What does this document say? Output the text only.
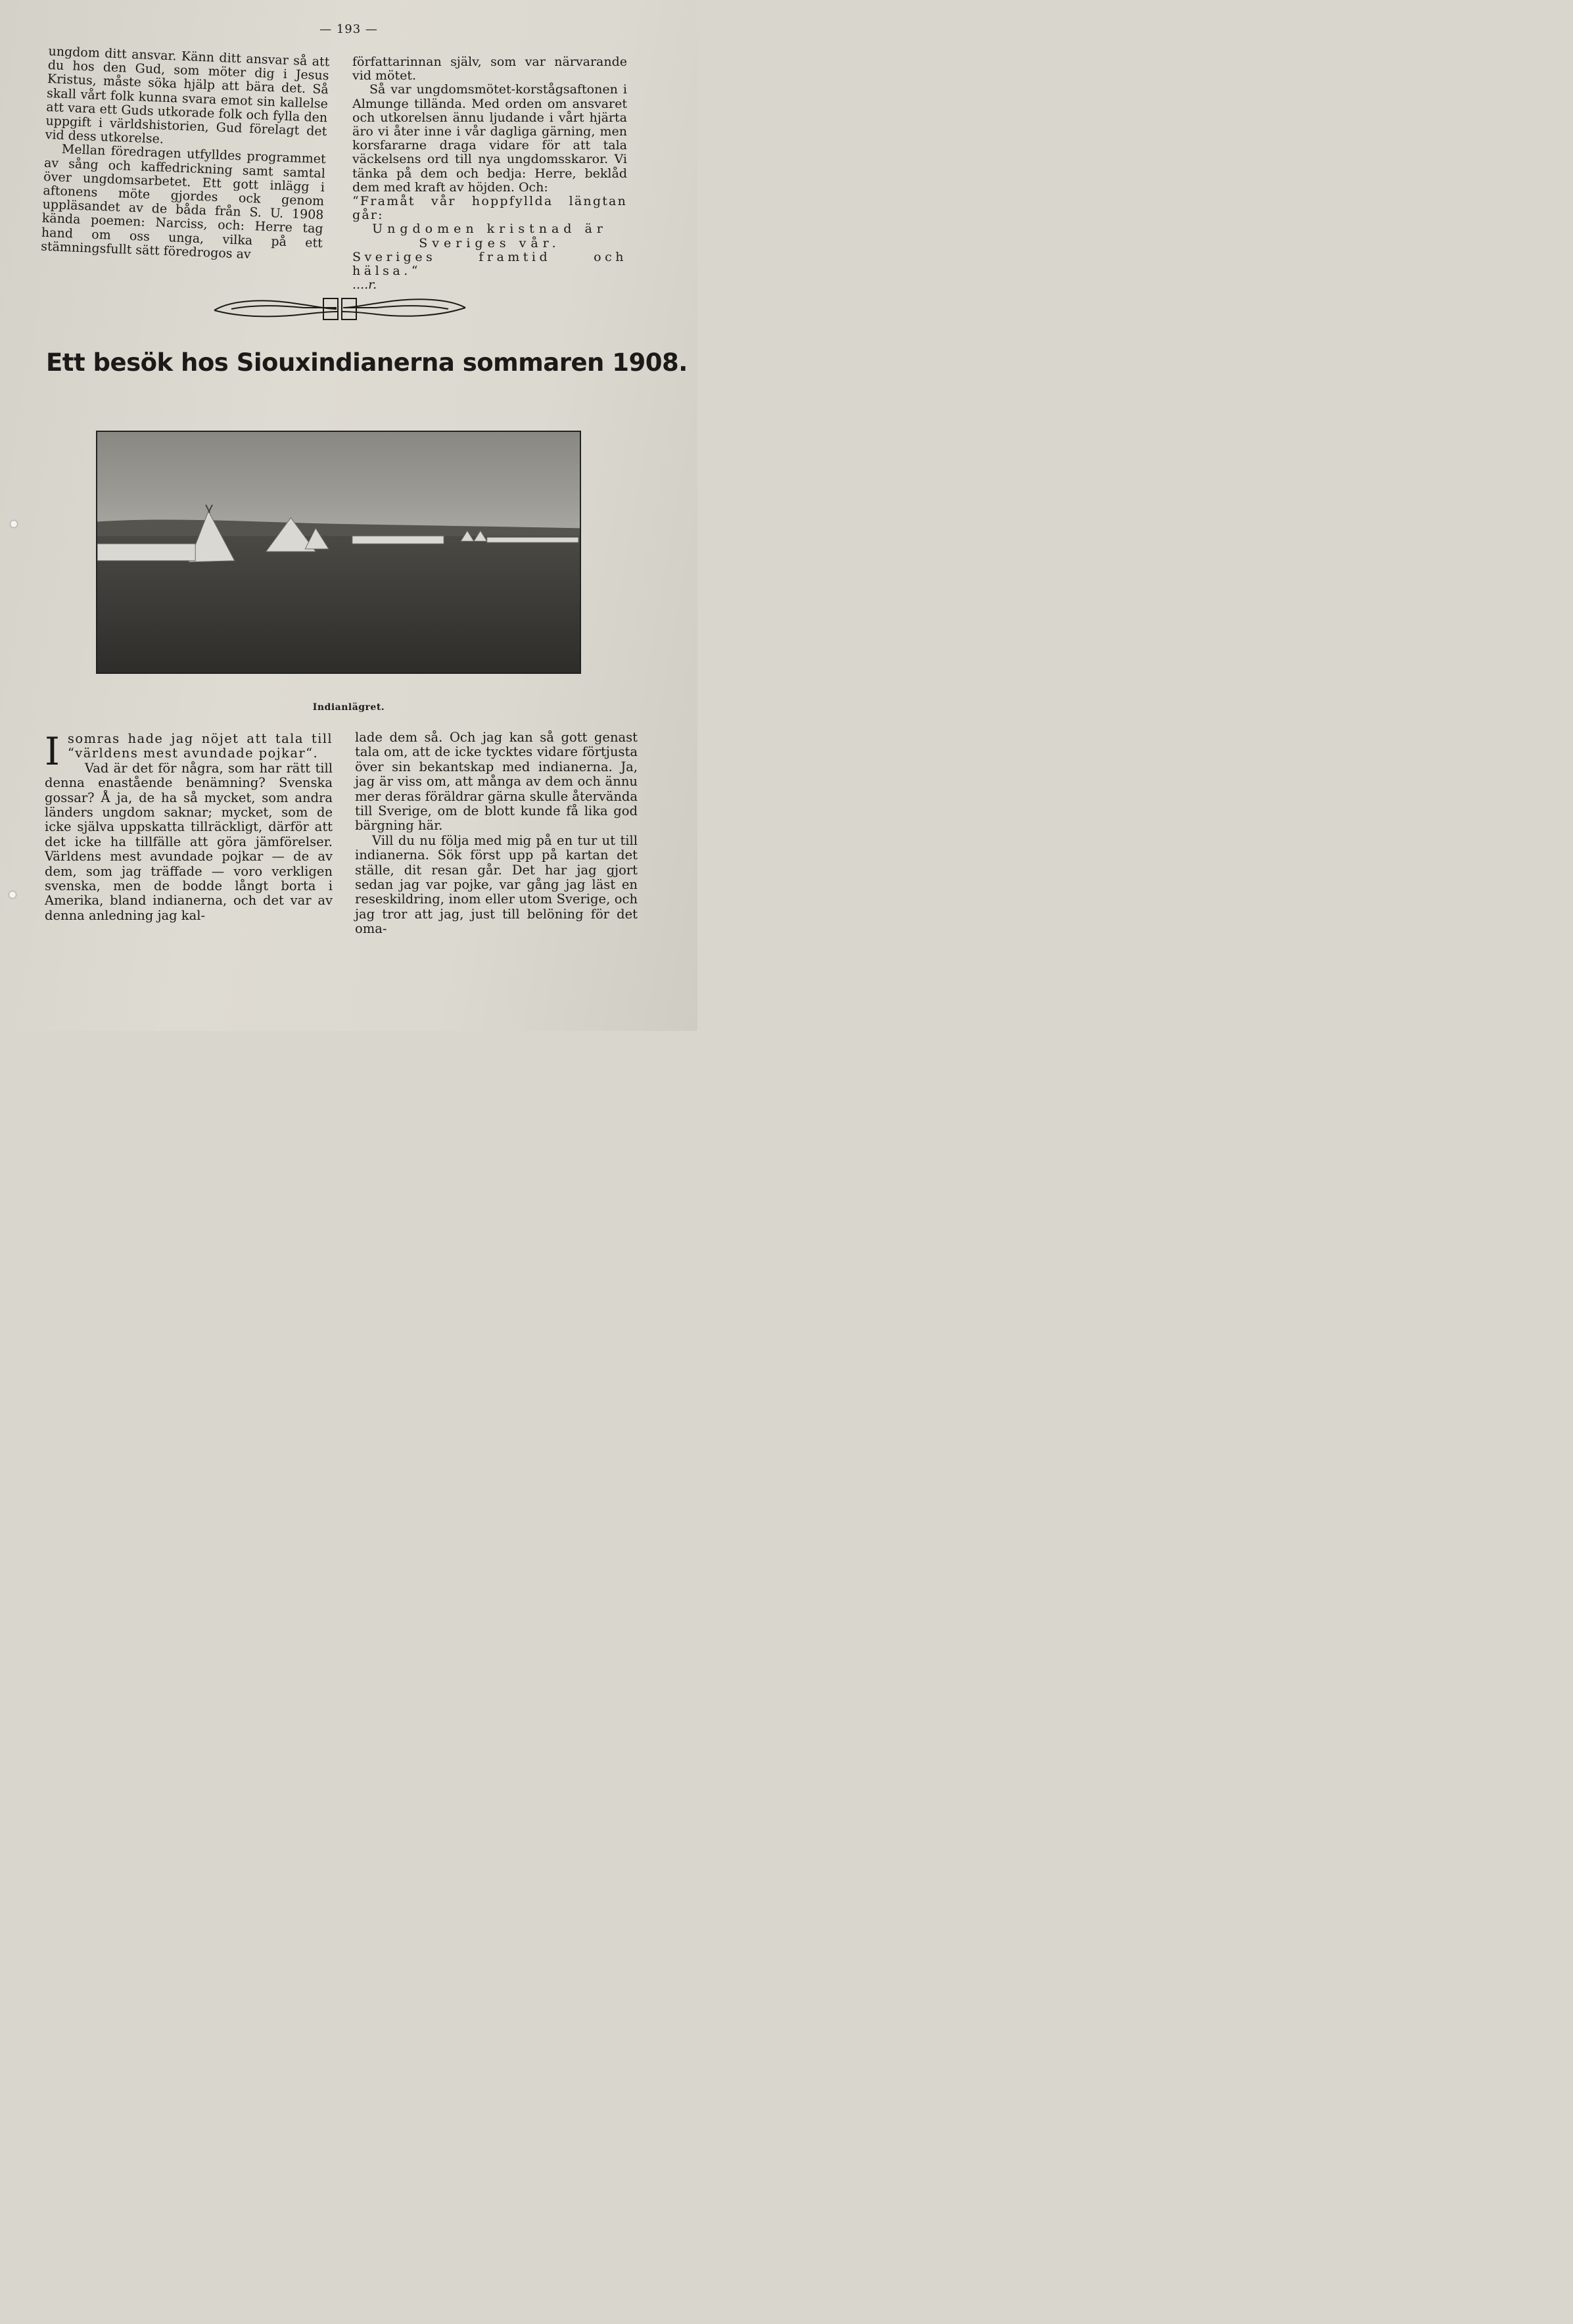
— 193 —

ungdom ditt ansvar. Känn ditt ansvar så att du hos den Gud, som möter dig i Jesus Kristus, måste söka hjälp att bära det. Så skall vårt folk kunna svara emot sin kallelse att vara ett Guds utkorade folk och fylla den uppgift i världshistorien, Gud förelagt det vid dess utkorelse.

Mellan föredragen utfylldes programmet av sång och kaffedrickning samt samtal över ungdomsarbetet. Ett gott inlägg i aftonens möte gjordes ock genom uppläsandet av de båda från S. U. 1908 kända poemen: Narciss, och: Herre tag hand om oss unga, vilka på ett stämningsfullt sätt föredrogos av

författarinnan själv, som var närvarande vid mötet.

Så var ungdomsmötet-korstågsaftonen i Almunge tillända. Med orden om ansvaret och utkorelsen ännu ljudande i vårt hjärta äro vi åter inne i vår dagliga gärning, men korsfararne draga vidare för att tala väckelsens ord till nya ungdomsskaror. Vi tänka på dem och bedja: Herre, beklåd dem med kraft av höjden. Och:

“Framåt vår hoppfyllda längtan går:

Ungdomen kristnad är Sveriges vår.

Sveriges framtid och hälsa.“

....r.

Ett besök hos Siouxindianerna sommaren 1908.
Indianlägret.
I somras hade jag nöjet att tala till “världens mest avundade pojkar“.

Vad är det för några, som har rätt till denna enastående benämning? Svenska gossar? Å ja, de ha så mycket, som andra länders ungdom saknar; mycket, som de icke själva uppskatta tillräckligt, därför att det icke ha tillfälle att göra jämförelser. Världens mest avundade pojkar — de av dem, som jag träffade — voro verkligen svenska, men de bodde långt borta i Amerika, bland indianerna, och det var av denna anledning jag kal-

lade dem så. Och jag kan så gott genast tala om, att de icke tycktes vidare förtjusta över sin bekantskap med indianerna. Ja, jag är viss om, att många av dem och ännu mer deras föräldrar gärna skulle återvända till Sverige, om de blott kunde få lika god bärgning här.

Vill du nu följa med mig på en tur ut till indianerna. Sök först upp på kartan det ställe, dit resan går. Det har jag gjort sedan jag var pojke, var gång jag läst en reseskildring, inom eller utom Sverige, och jag tror att jag, just till belöning för det oma-
